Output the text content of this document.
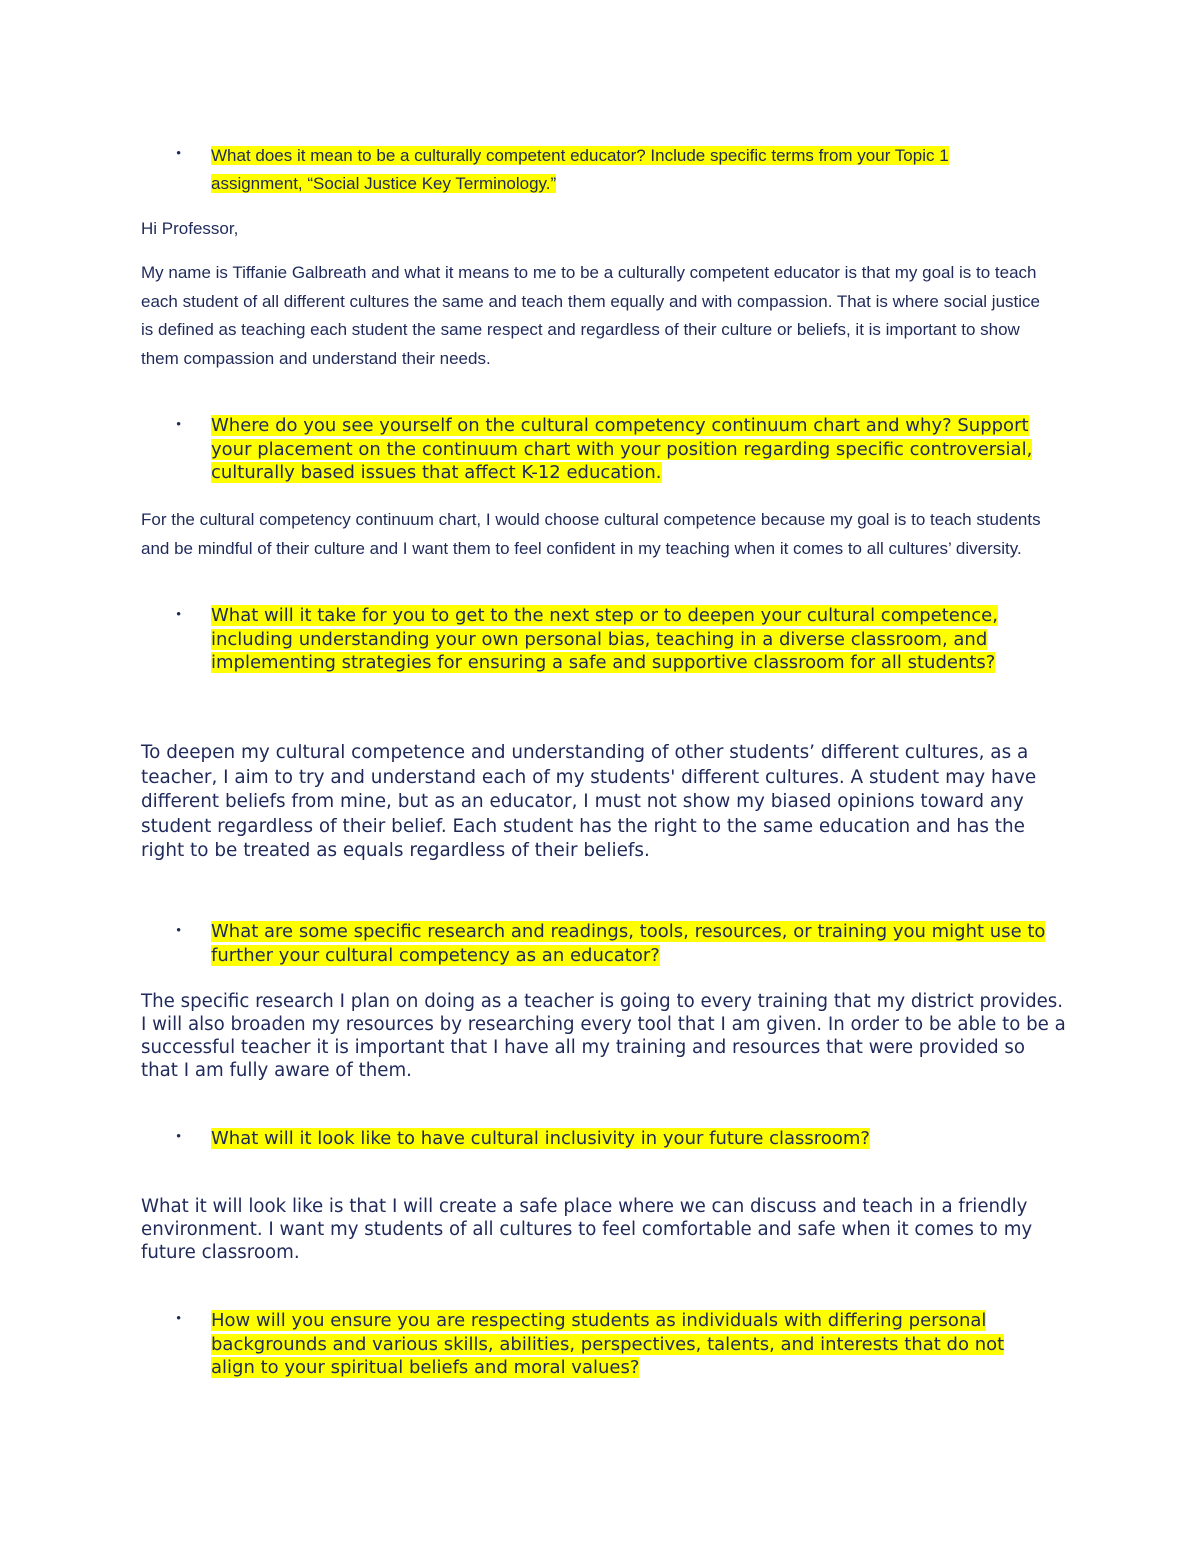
• What does it mean to be a culturally competent educator? Include specific terms from your Topic 1 assignment, “Social Justice Key Terminology.”

Hi Professor,

My name is Tiffanie Galbreath and what it means to me to be a culturally competent educator is that my goal is to teach each student of all different cultures the same and teach them equally and with compassion. That is where social justice is defined as teaching each student the same respect and regardless of their culture or beliefs, it is important to show them compassion and understand their needs.

• Where do you see yourself on the cultural competency continuum chart and why? Support your placement on the continuum chart with your position regarding specific controversial, culturally based issues that affect K-12 education.

For the cultural competency continuum chart, I would choose cultural competence because my goal is to teach students and be mindful of their culture and I want them to feel confident in my teaching when it comes to all cultures’ diversity.

• What will it take for you to get to the next step or to deepen your cultural competence, including understanding your own personal bias, teaching in a diverse classroom, and implementing strategies for ensuring a safe and supportive classroom for all students?

To deepen my cultural competence and understanding of other students’ different cultures, as a teacher, I aim to try and understand each of my students' different cultures. A student may have different beliefs from mine, but as an educator, I must not show my biased opinions toward any student regardless of their belief. Each student has the right to the same education and has the right to be treated as equals regardless of their beliefs.

• What are some specific research and readings, tools, resources, or training you might use to further your cultural competency as an educator?

The specific research I plan on doing as a teacher is going to every training that my district provides. I will also broaden my resources by researching every tool that I am given. In order to be able to be a successful teacher it is important that I have all my training and resources that were provided so that I am fully aware of them.

• What will it look like to have cultural inclusivity in your future classroom?

What it will look like is that I will create a safe place where we can discuss and teach in a friendly environment. I want my students of all cultures to feel comfortable and safe when it comes to my future classroom.

• How will you ensure you are respecting students as individuals with differing personal backgrounds and various skills, abilities, perspectives, talents, and interests that do not align to your spiritual beliefs and moral values?
